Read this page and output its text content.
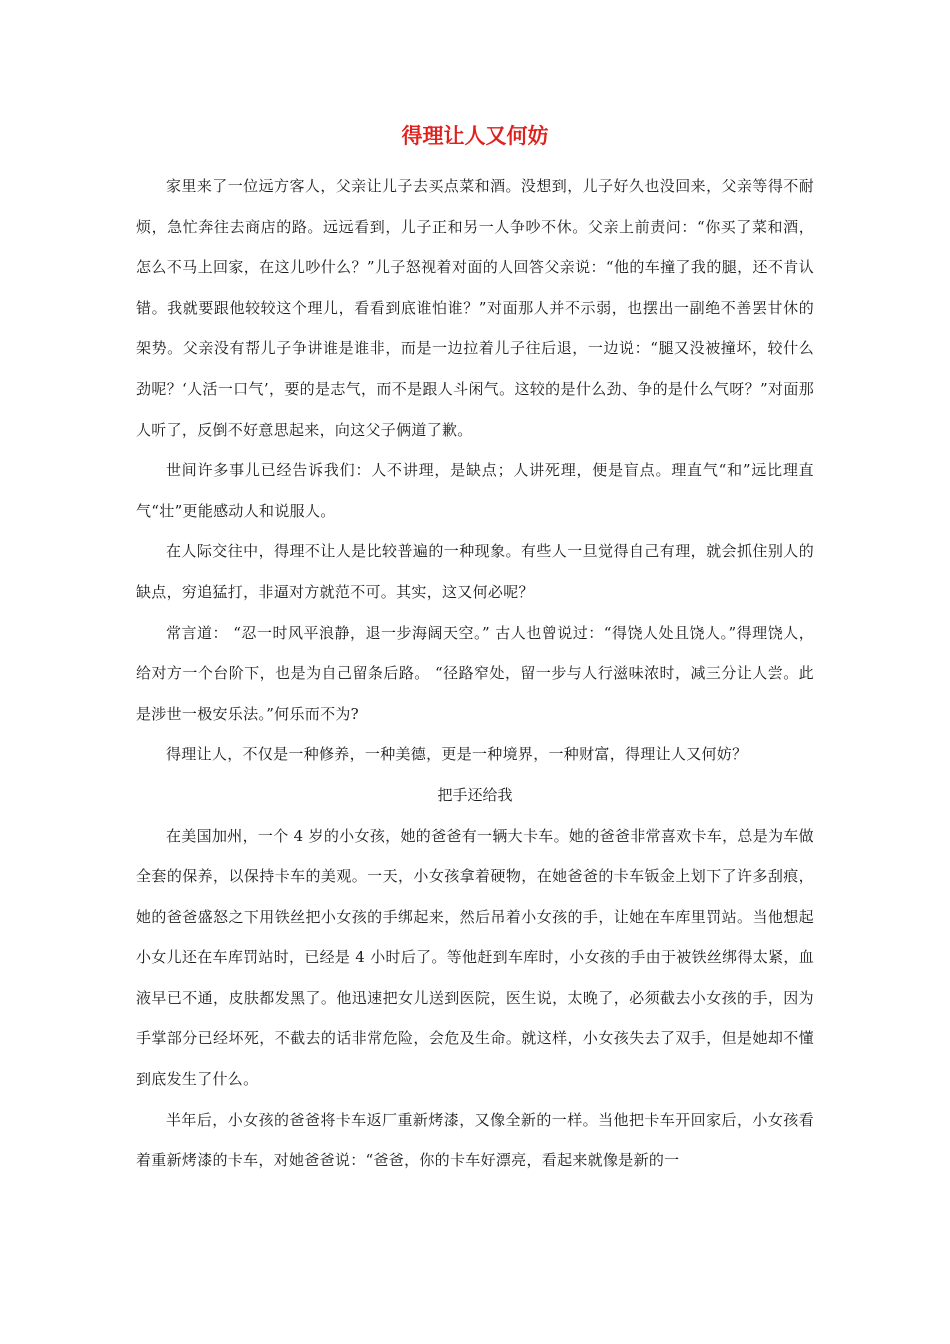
得理让人又何妨

家里来了一位远方客人，父亲让儿子去买点菜和酒。没想到，儿子好久也没回来，父亲等得不耐烦，急忙奔往去商店的路。远远看到，儿子正和另一人争吵不休。父亲上前责问：“你买了菜和酒，怎么不马上回家，在这儿吵什么？”儿子怒视着对面的人回答父亲说：“他的车撞了我的腿，还不肯认错。我就要跟他较较这个理儿，看看到底谁怕谁？”对面那人并不示弱，也摆出一副绝不善罢甘休的架势。父亲没有帮儿子争讲谁是谁非，而是一边拉着儿子往后退，一边说：“腿又没被撞坏，较什么劲呢？‘人活一口气’，要的是志气，而不是跟人斗闲气。这较的是什么劲、争的是什么气呀？”对面那人听了，反倒不好意思起来，向这父子俩道了歉。

世间许多事儿已经告诉我们：人不讲理，是缺点；人讲死理，便是盲点。理直气“和”远比理直气“壮”更能感动人和说服人。

在人际交往中，得理不让人是比较普遍的一种现象。有些人一旦觉得自己有理，就会抓住别人的缺点，穷追猛打，非逼对方就范不可。其实，这又何必呢？

常言道： “忍一时风平浪静，退一步海阔天空。” 古人也曾说过：“得饶人处且饶人。”得理饶人，给对方一个台阶下，也是为自己留条后路。 “径路窄处，留一步与人行滋味浓时，减三分让人尝。此是涉世一极安乐法。”何乐而不为?

得理让人，不仅是一种修养，一种美德，更是一种境界，一种财富，得理让人又何妨？

把手还给我

在美国加州，一个 4 岁的小女孩，她的爸爸有一辆大卡车。她的爸爸非常喜欢卡车，总是为车做全套的保养，以保持卡车的美观。一天，小女孩拿着硬物，在她爸爸的卡车钣金上划下了许多刮痕，她的爸爸盛怒之下用铁丝把小女孩的手绑起来，然后吊着小女孩的手，让她在车库里罚站。当他想起小女儿还在车库罚站时，已经是 4 小时后了。等他赶到车库时，小女孩的手由于被铁丝绑得太紧，血液早已不通，皮肤都发黑了。他迅速把女儿送到医院，医生说，太晚了，必须截去小女孩的手，因为手掌部分已经坏死，不截去的话非常危险，会危及生命。就这样，小女孩失去了双手，但是她却不懂到底发生了什么。

半年后，小女孩的爸爸将卡车返厂重新烤漆，又像全新的一样。当他把卡车开回家后，小女孩看着重新烤漆的卡车，对她爸爸说：“爸爸，你的卡车好漂亮，看起来就像是新的一
